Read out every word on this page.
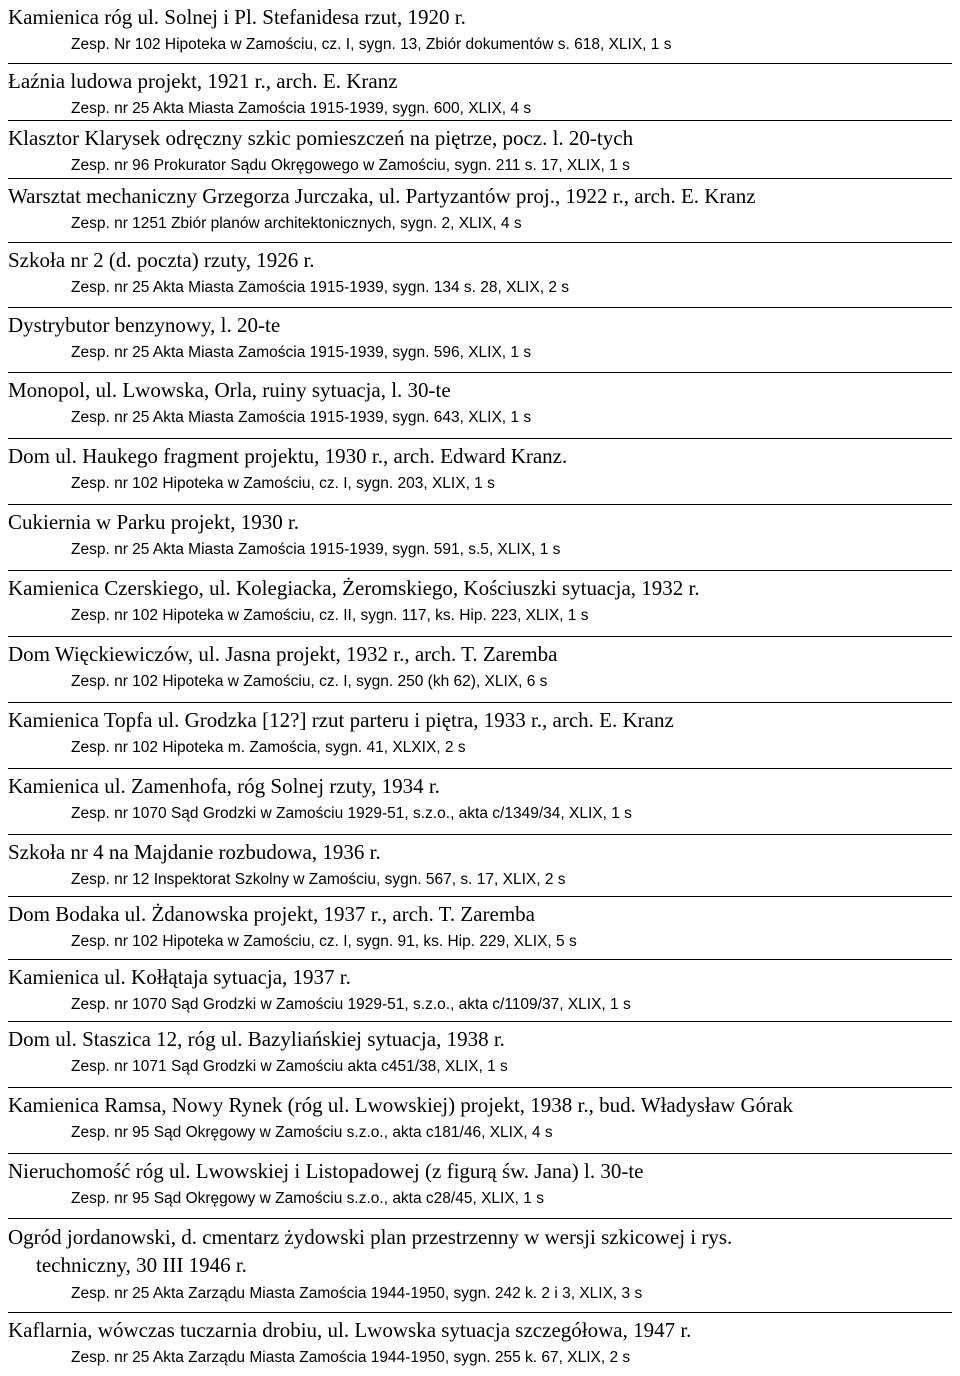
Kamienica róg ul. Solnej i Pl. Stefanidesa rzut, 1920 r.
Zesp. Nr 102 Hipoteka w Zamościu, cz. I, sygn. 13, Zbiór dokumentów s. 618, XLIX, 1 s
Łaźnia ludowa projekt, 1921 r., arch. E. Kranz
Zesp. nr 25 Akta Miasta Zamościa 1915-1939, sygn. 600, XLIX, 4 s
Klasztor Klarysek odręczny szkic pomieszczeń na piętrze, pocz. l. 20-tych
Zesp. nr 96 Prokurator Sądu Okręgowego w Zamościu, sygn. 211 s. 17, XLIX, 1 s
Warsztat mechaniczny Grzegorza Jurczaka, ul. Partyzantów proj., 1922 r., arch. E. Kranz
Zesp. nr 1251 Zbiór planów architektonicznych, sygn. 2, XLIX, 4 s
Szkoła nr 2 (d. poczta) rzuty, 1926 r.
Zesp. nr 25 Akta Miasta Zamościa 1915-1939, sygn. 134 s. 28, XLIX, 2 s
Dystrybutor benzynowy, l. 20-te
Zesp. nr 25 Akta Miasta Zamościa 1915-1939, sygn. 596, XLIX, 1 s
Monopol, ul. Lwowska, Orla, ruiny sytuacja, l. 30-te
Zesp. nr 25 Akta Miasta Zamościa 1915-1939, sygn. 643, XLIX, 1 s
Dom ul. Haukego fragment projektu, 1930 r., arch. Edward Kranz.
Zesp. nr 102 Hipoteka w Zamościu, cz. I, sygn. 203, XLIX, 1 s
Cukiernia w Parku projekt, 1930 r.
Zesp. nr 25 Akta Miasta Zamościa 1915-1939, sygn. 591, s.5, XLIX, 1 s
Kamienica Czerskiego, ul. Kolegiacka, Żeromskiego, Kościuszki sytuacja, 1932 r.
Zesp. nr 102 Hipoteka w Zamościu, cz. II, sygn. 117, ks. Hip. 223, XLIX, 1 s
Dom Więckiewiczów, ul. Jasna projekt, 1932 r., arch. T. Zaremba
Zesp. nr 102 Hipoteka w Zamościu, cz. I, sygn. 250 (kh 62), XLIX, 6 s
Kamienica Topfa ul. Grodzka [12?] rzut parteru i piętra, 1933 r., arch. E. Kranz
Zesp. nr 102 Hipoteka m. Zamościa, sygn. 41, XLXIX, 2 s
Kamienica ul. Zamenhofa, róg Solnej rzuty, 1934 r.
Zesp. nr 1070 Sąd Grodzki w Zamościu 1929-51, s.z.o., akta c/1349/34, XLIX, 1 s
Szkoła nr 4 na Majdanie rozbudowa, 1936 r.
Zesp. nr 12 Inspektorat Szkolny w Zamościu, sygn. 567, s. 17, XLIX, 2 s
Dom Bodaka ul. Żdanowska projekt, 1937 r., arch. T. Zaremba
Zesp. nr 102 Hipoteka w Zamościu, cz. I, sygn. 91, ks. Hip. 229, XLIX, 5 s
Kamienica ul. Kołłątaja sytuacja, 1937 r.
Zesp. nr 1070 Sąd Grodzki w Zamościu 1929-51, s.z.o., akta c/1109/37, XLIX, 1 s
Dom ul. Staszica 12, róg ul. Bazyliańskiej sytuacja, 1938 r.
Zesp. nr 1071 Sąd Grodzki w Zamościu akta c451/38, XLIX, 1 s
Kamienica Ramsa, Nowy Rynek (róg ul. Lwowskiej) projekt, 1938 r., bud. Władysław Górak
Zesp. nr 95 Sąd Okręgowy w Zamościu s.z.o., akta c181/46, XLIX, 4 s
Nieruchomość róg ul. Lwowskiej i Listopadowej (z figurą św. Jana) l. 30-te
Zesp. nr 95 Sąd Okręgowy w Zamościu s.z.o., akta c28/45, XLIX, 1 s
Ogród jordanowski, d. cmentarz żydowski plan przestrzenny w wersji szkicowej i rys.
techniczny, 30 III 1946 r.
Zesp. nr 25 Akta Zarządu Miasta Zamościa 1944-1950, sygn. 242 k. 2 i 3, XLIX, 3 s
Kaflarnia, wówczas tuczarnia drobiu, ul. Lwowska sytuacja szczegółowa, 1947 r.
Zesp. nr 25 Akta Zarządu Miasta Zamościa 1944-1950, sygn. 255 k. 67, XLIX, 2 s
